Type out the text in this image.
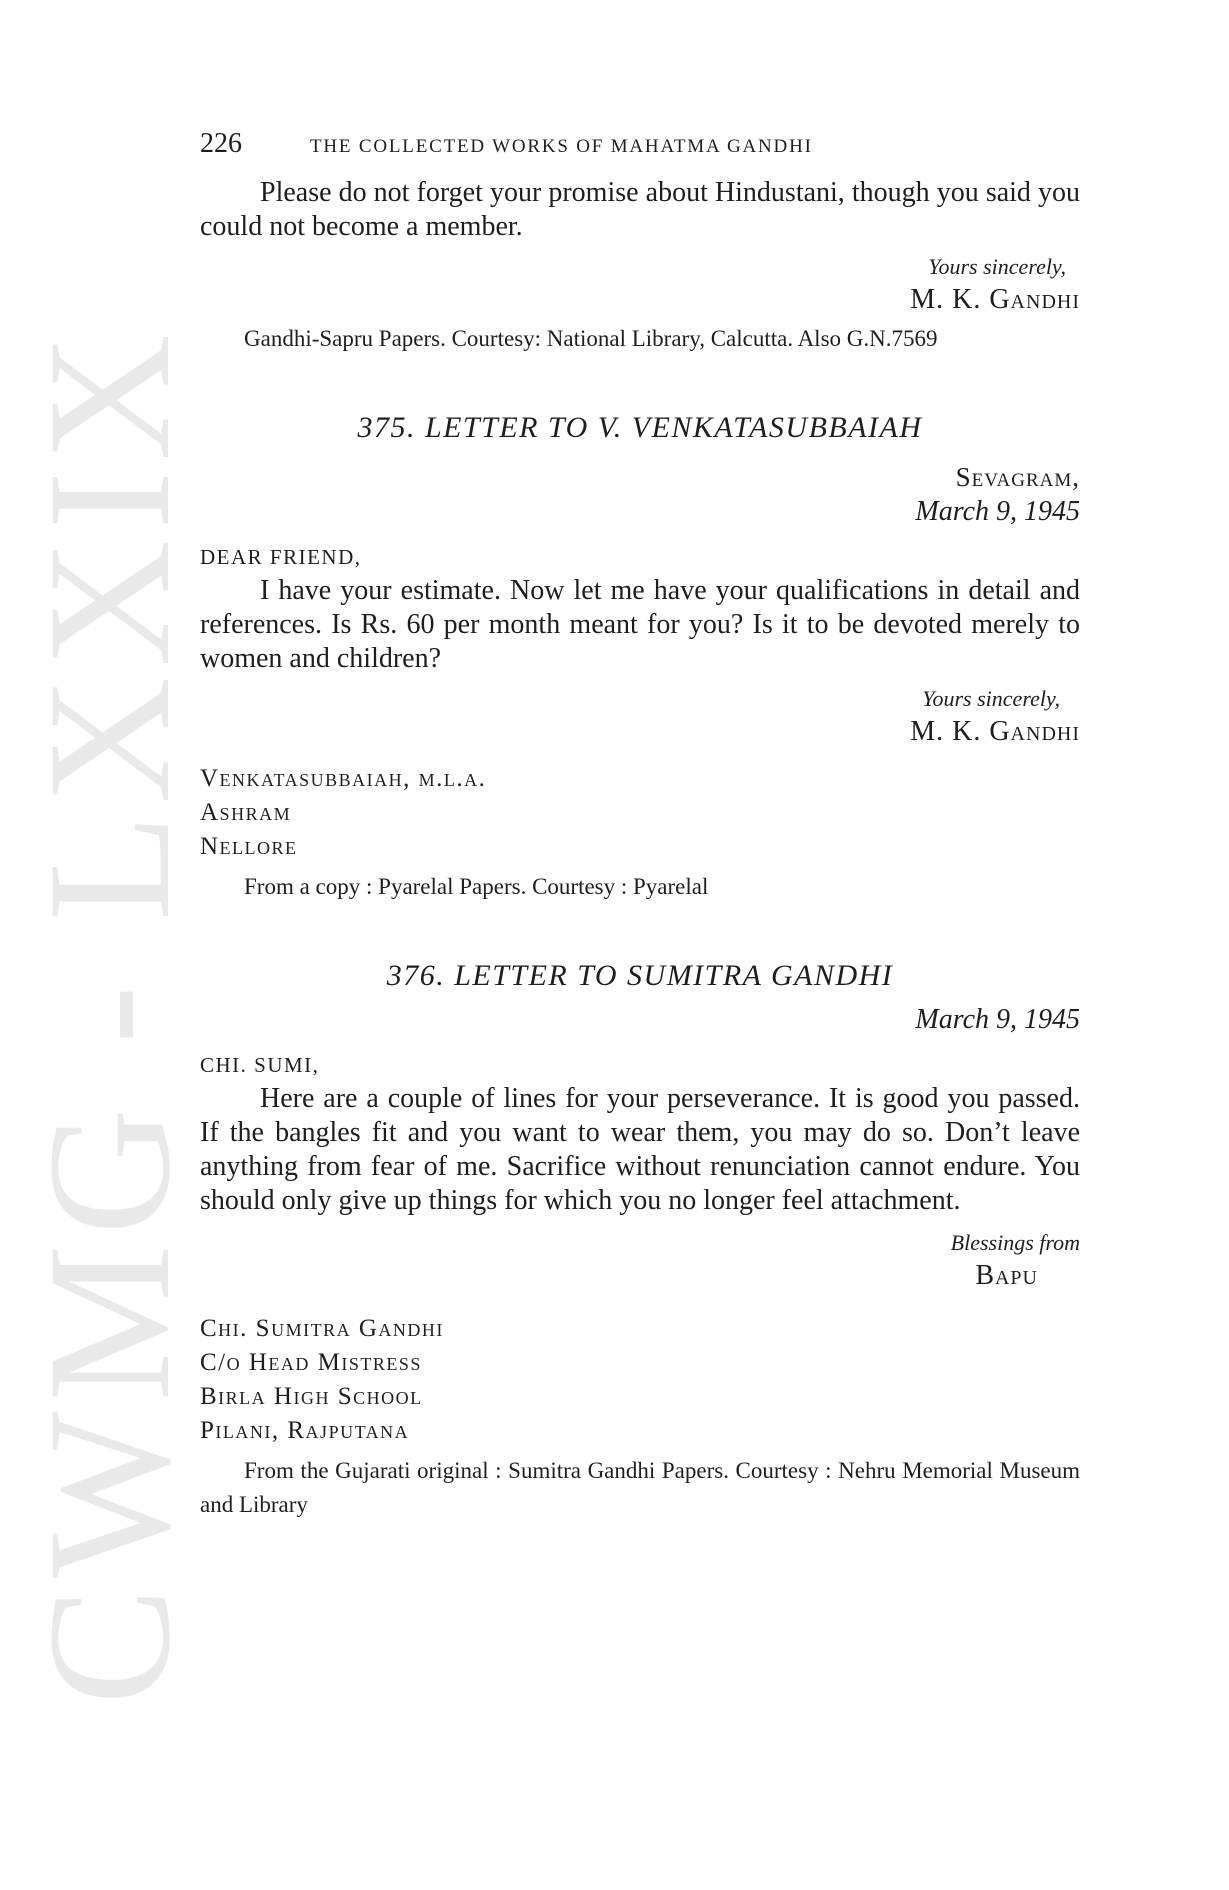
CWMG - LXXIX
226	THE COLLECTED WORKS OF MAHATMA GANDHI

Please do not forget your promise about Hindustani, though you said you could not become a member.

Yours sincerely,

M. K. Gandhi

Gandhi-Sapru Papers. Courtesy: National Library, Calcutta. Also G.N.7569

375. LETTER TO V. VENKATASUBBAIAH

Sevagram,

March 9, 1945

DEAR FRIEND,

I have your estimate. Now let me have your qualifications in detail and references. Is Rs. 60 per month meant for you? Is it to be devoted merely to women and children?

Yours sincerely,

M. K. Gandhi

Venkatasubbaiah, m.l.a.
Ashram
Nellore

From a copy : Pyarelal Papers. Courtesy : Pyarelal

376. LETTER TO SUMITRA GANDHI

March 9, 1945

CHI. SUMI,

Here are a couple of lines for your perseverance. It is good you passed. If the bangles fit and you want to wear them, you may do so. Don’t leave anything from fear of me. Sacrifice without renunciation cannot endure. You should only give up things for which you no longer feel attachment.

Blessings from

Bapu

Chi. Sumitra Gandhi
C/o Head Mistress
Birla High School
Pilani, Rajputana

From the Gujarati original : Sumitra Gandhi Papers. Courtesy : Nehru Memorial Museum and Library
